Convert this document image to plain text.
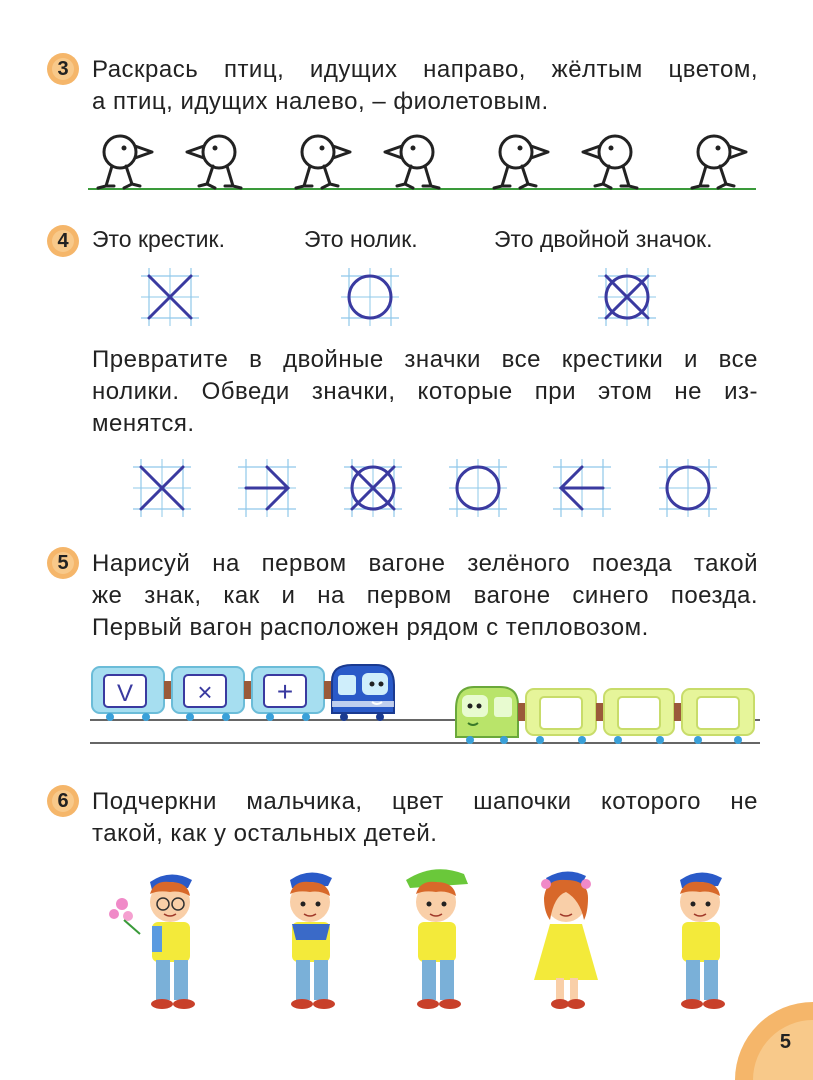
3 Раскрась птиц, идущих направо, жёлтым цветом,
а птиц, идущих налево, – фиолетовым.
4	Это крестик.	Это нолик.	Это двойной значок.
Превратите в двойные значки все крестики и все
нолики. Обведи значки, которые при этом не из-
менятся.
5 Нарисуй на первом вагоне зелёного поезда такой
же знак, как и на первом вагоне синего поезда.
Первый вагон расположен рядом с тепловозом.
V × +
6 Подчеркни мальчика, цвет шапочки которого не
такой, как у остальных детей.
5
